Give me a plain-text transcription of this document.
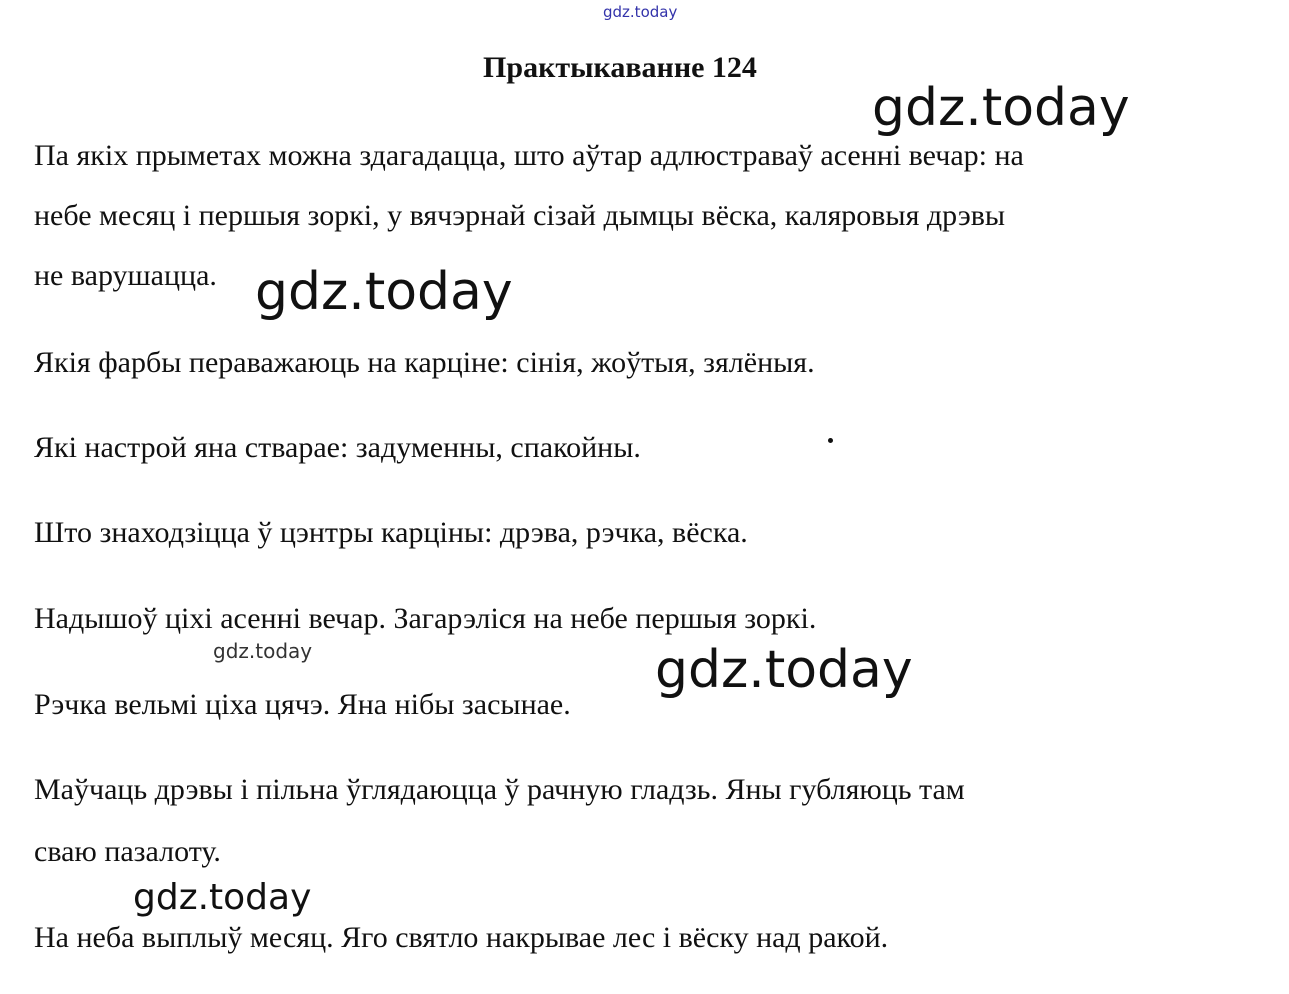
gdz.today
Практыкаванне 124
gdz.today
Па якіх прыметах можна здагадацца, што аўтар адлюстраваў асенні вечар: на
небе месяц і першыя зоркі, у вячэрнай сізай дымцы вёска, каляровыя дрэвы
не варушацца. gdz.today
Якія фарбы пераважаюць на карціне: сінія, жоўтыя, зялёныя.
Які настрой яна стварае: задуменны, спакойны.
Што знаходзіцца ў цэнтры карціны: дрэва, рэчка, вёска.
Надышоў ціхі асенні вечар. Загарэліся на небе першыя зоркі.
gdz.today	gdz.today
Рэчка вельмі ціха цячэ. Яна нібы засынае.
Маўчаць дрэвы і пільна ўглядаюцца ў рачную гладзь. Яны губляюць там
сваю пазалоту.
gdz.today
На неба выплыў месяц. Яго святло накрывае лес і вёску над ракой.
